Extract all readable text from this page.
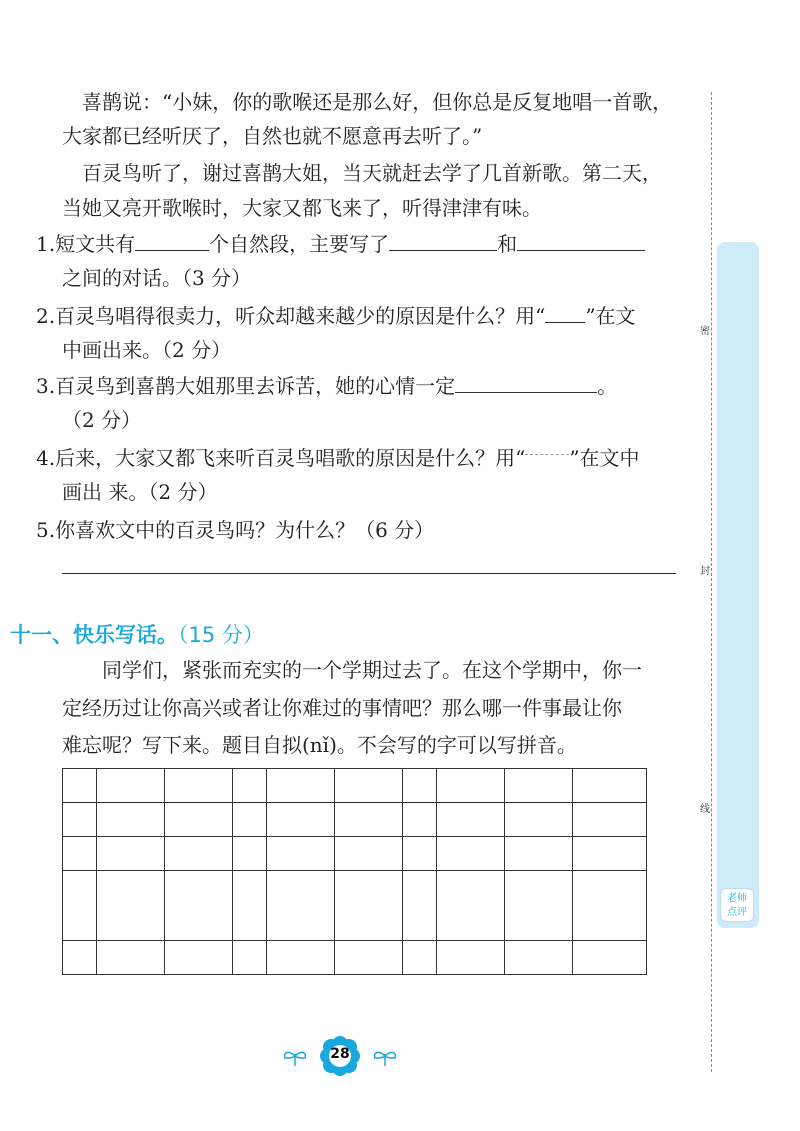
喜鹊说：“小妹，你的歌喉还是那么好，但你总是反复地唱一首歌，

大家都已经听厌了，自然也就不愿意再去听了。”

百灵鸟听了，谢过喜鹊大姐，当天就赶去学了几首新歌。第二天，

当她又亮开歌喉时，大家又都飞来了，听得津津有味。

1.短文共有	个自然段，主要写了	和

之间的对话。（3 分）

2.百灵鸟唱得很卖力，听众却越来越少的原因是什么？用“ ”在文

中画出来。（2 分）

3.百灵鸟到喜鹊大姐那里去诉苦，她的心情一定	。

（2 分）

4.后来，大家又都飞来听百灵鸟唱歌的原因是什么？用“ ”在文中

画出 来。（2 分）

5.你喜欢文中的百灵鸟吗？为什么？（6 分）

十一、快乐写话。（15 分）

同学们，紧张而充实的一个学期过去了。在这个学期中，你一

定经历过让你高兴或者让你难过的事情吧？那么哪一件事最让你

难忘呢？写下来。题目自拟(nǐ)。不会写的字可以写拼音。

密
封
线
老师
点评
28
